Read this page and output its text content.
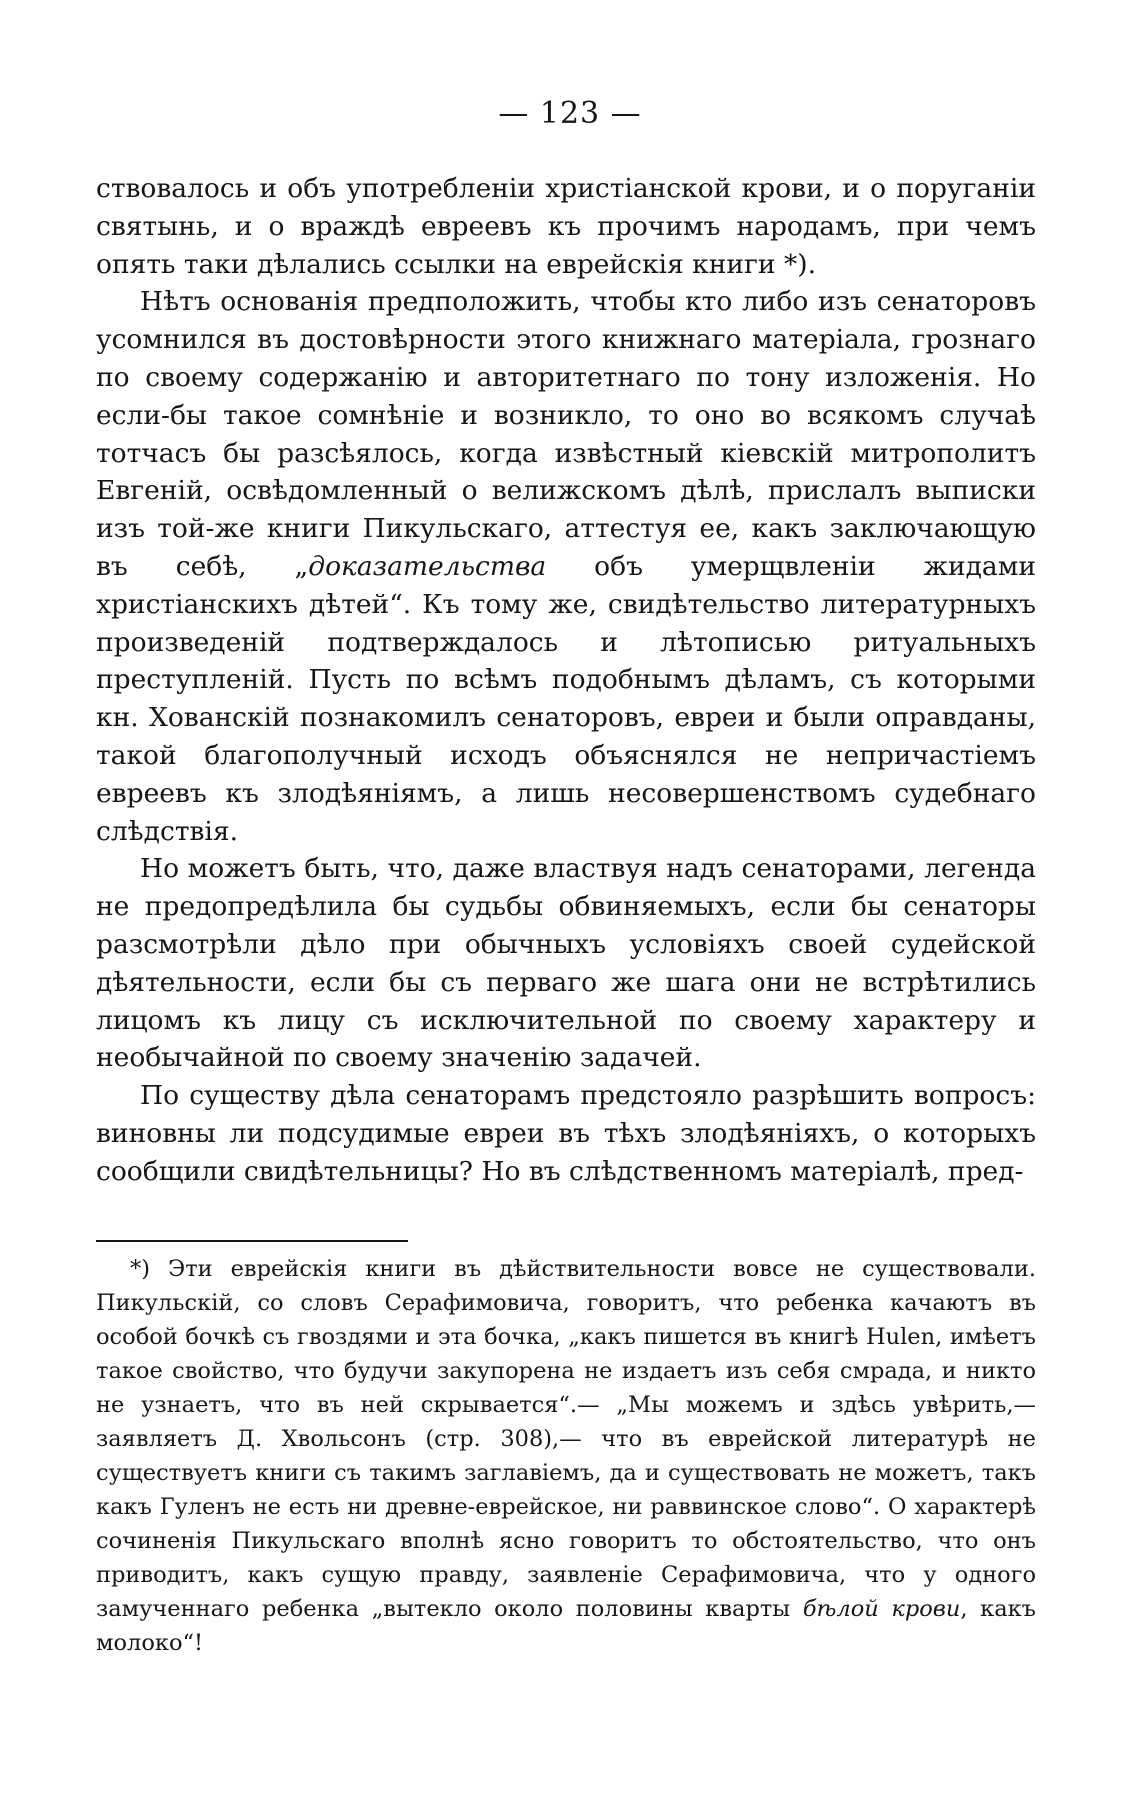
— 123 —

ствовалось и объ употребленіи христіанской крови, и о поруганіи святынь, и о враждѣ евреевъ къ прочимъ народамъ, при чемъ опять таки дѣлались ссылки на еврейскія книги *).

Нѣтъ основанія предположить, чтобы кто либо изъ сенаторовъ усомнился въ достовѣрности этого книжнаго матеріала, грознаго по своему содержанію и авторитетнаго по тону изложенія. Но если-бы такое сомнѣніе и возникло, то оно во всякомъ случаѣ тотчасъ бы разсѣялось, когда извѣстный кіевскій митрополитъ Евгеній, освѣдомленный о велижскомъ дѣлѣ, прислалъ выписки изъ той-же книги Пикульскаго, аттестуя ее, какъ заключающую въ себѣ, „доказательства объ умерщвленіи жидами христіанскихъ дѣтей“. Къ тому же, свидѣтельство литературныхъ произведеній подтверждалось и лѣтописью ритуальныхъ преступленій. Пусть по всѣмъ подобнымъ дѣламъ, съ которыми кн. Хованскій познакомилъ сенаторовъ, евреи и были оправданы, такой благополучный исходъ объяснялся не непричастіемъ евреевъ къ злодѣяніямъ, а лишь несовершенствомъ судебнаго слѣдствія.

Но можетъ быть, что, даже властвуя надъ сенаторами, легенда не предопредѣлила бы судьбы обвиняемыхъ, если бы сенаторы разсмотрѣли дѣло при обычныхъ условіяхъ своей судейской дѣятельности, если бы съ перваго же шага они не встрѣтились лицомъ къ лицу съ исключительной по своему характеру и необычайной по своему значенію задачей.

По существу дѣла сенаторамъ предстояло разрѣшить вопросъ: виновны ли подсудимые евреи въ тѣхъ злодѣяніяхъ, о которыхъ сообщили свидѣтельницы? Но въ слѣдственномъ матеріалѣ, пред-

*) Эти еврейскія книги въ дѣйствительности вовсе не существовали. Пикульскій, со словъ Серафимовича, говоритъ, что ребенка качаютъ въ особой бочкѣ съ гвоздями и эта бочка, „какъ пишется въ книгѣ Hulen, имѣетъ такое свойство, что будучи закупорена не издаетъ изъ себя смрада, и никто не узнаетъ, что въ ней скрывается“.— „Мы можемъ и здѣсь увѣрить,—заявляетъ Д. Хвольсонъ (стр. 308),— что въ еврейской литературѣ не существуетъ книги съ такимъ заглавіемъ, да и существовать не можетъ, такъ какъ Гуленъ не есть ни древне-еврейское, ни раввинское слово“. О характерѣ сочиненія Пикульскаго вполнѣ ясно говоритъ то обстоятельство, что онъ приводитъ, какъ сущую правду, заявленіе Серафимовича, что у одного замученнаго ребенка „вытекло около половины кварты бѣлой крови, какъ молоко“!
